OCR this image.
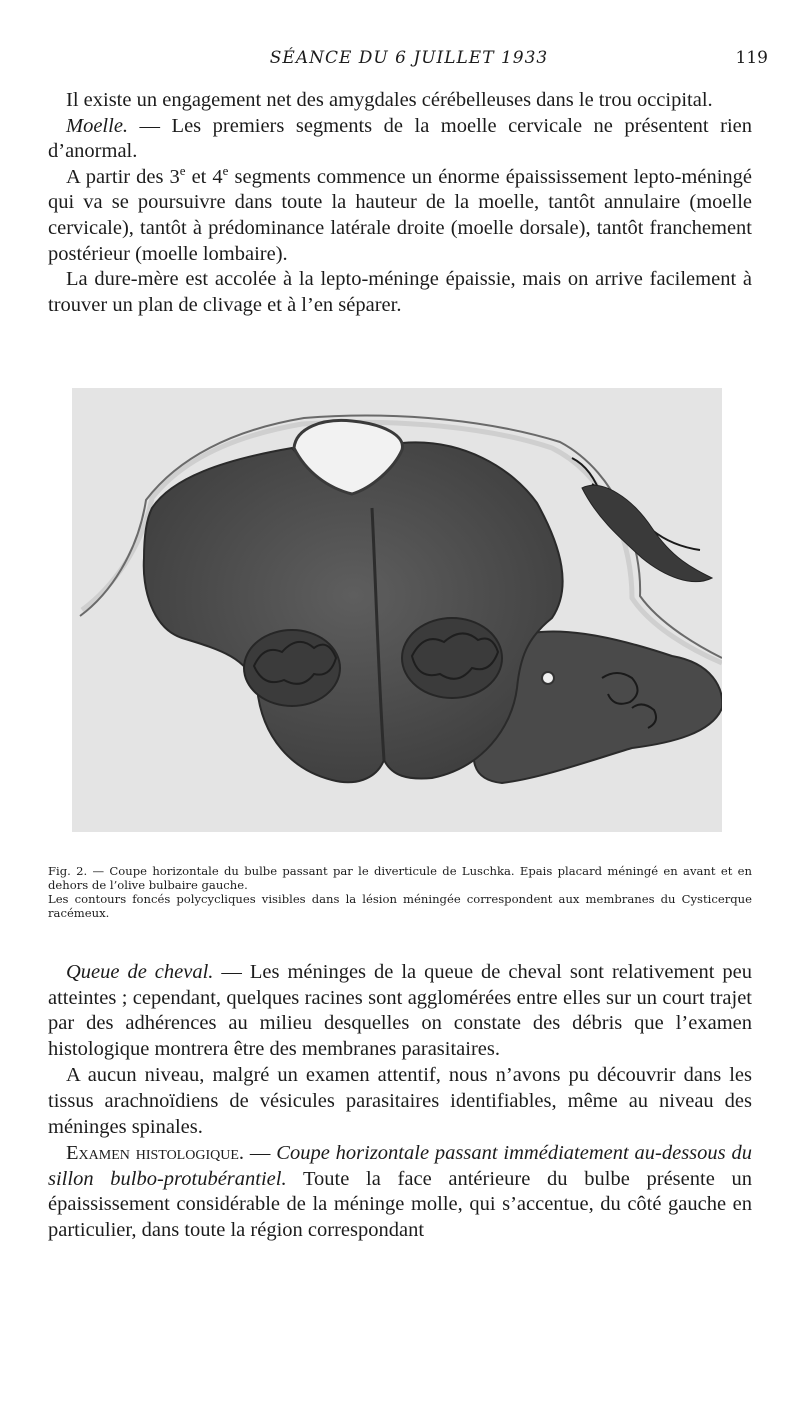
SÉANCE DU 6 JUILLET 1933	119

Il existe un engagement net des amygdales cérébelleuses dans le trou occipital.

Moelle. — Les premiers segments de la moelle cervicale ne présentent rien d’anormal.

A partir des 3e et 4e segments commence un énorme épaississement lepto-méningé qui va se poursuivre dans toute la hauteur de la moelle, tantôt annulaire (moelle cervicale), tantôt à prédominance latérale droite (moelle dorsale), tantôt franchement postérieur (moelle lombaire).

La dure-mère est accolée à la lepto-méninge épaissie, mais on arrive facilement à trouver un plan de clivage et à l’en séparer.

Fig. 2. — Coupe horizontale du bulbe passant par le diverticule de Luschka. Epais placard méningé en avant et en dehors de l’olive bulbaire gauche.

Les contours foncés polycycliques visibles dans la lésion méningée correspondent aux membranes du Cysticerque racémeux.

Queue de cheval. — Les méninges de la queue de cheval sont relativement peu atteintes ; cependant, quelques racines sont agglomérées entre elles sur un court trajet par des adhérences au milieu desquelles on constate des débris que l’examen histologique montrera être des membranes parasitaires.

A aucun niveau, malgré un examen attentif, nous n’avons pu découvrir dans les tissus arachnoïdiens de vésicules parasitaires identifiables, même au niveau des méninges spinales.

Examen histologique. — Coupe horizontale passant immédiatement au-dessous du sillon bulbo-protubérantiel. Toute la face antérieure du bulbe présente un épaississement considérable de la méninge molle, qui s’accentue, du côté gauche en particulier, dans toute la région correspondant
